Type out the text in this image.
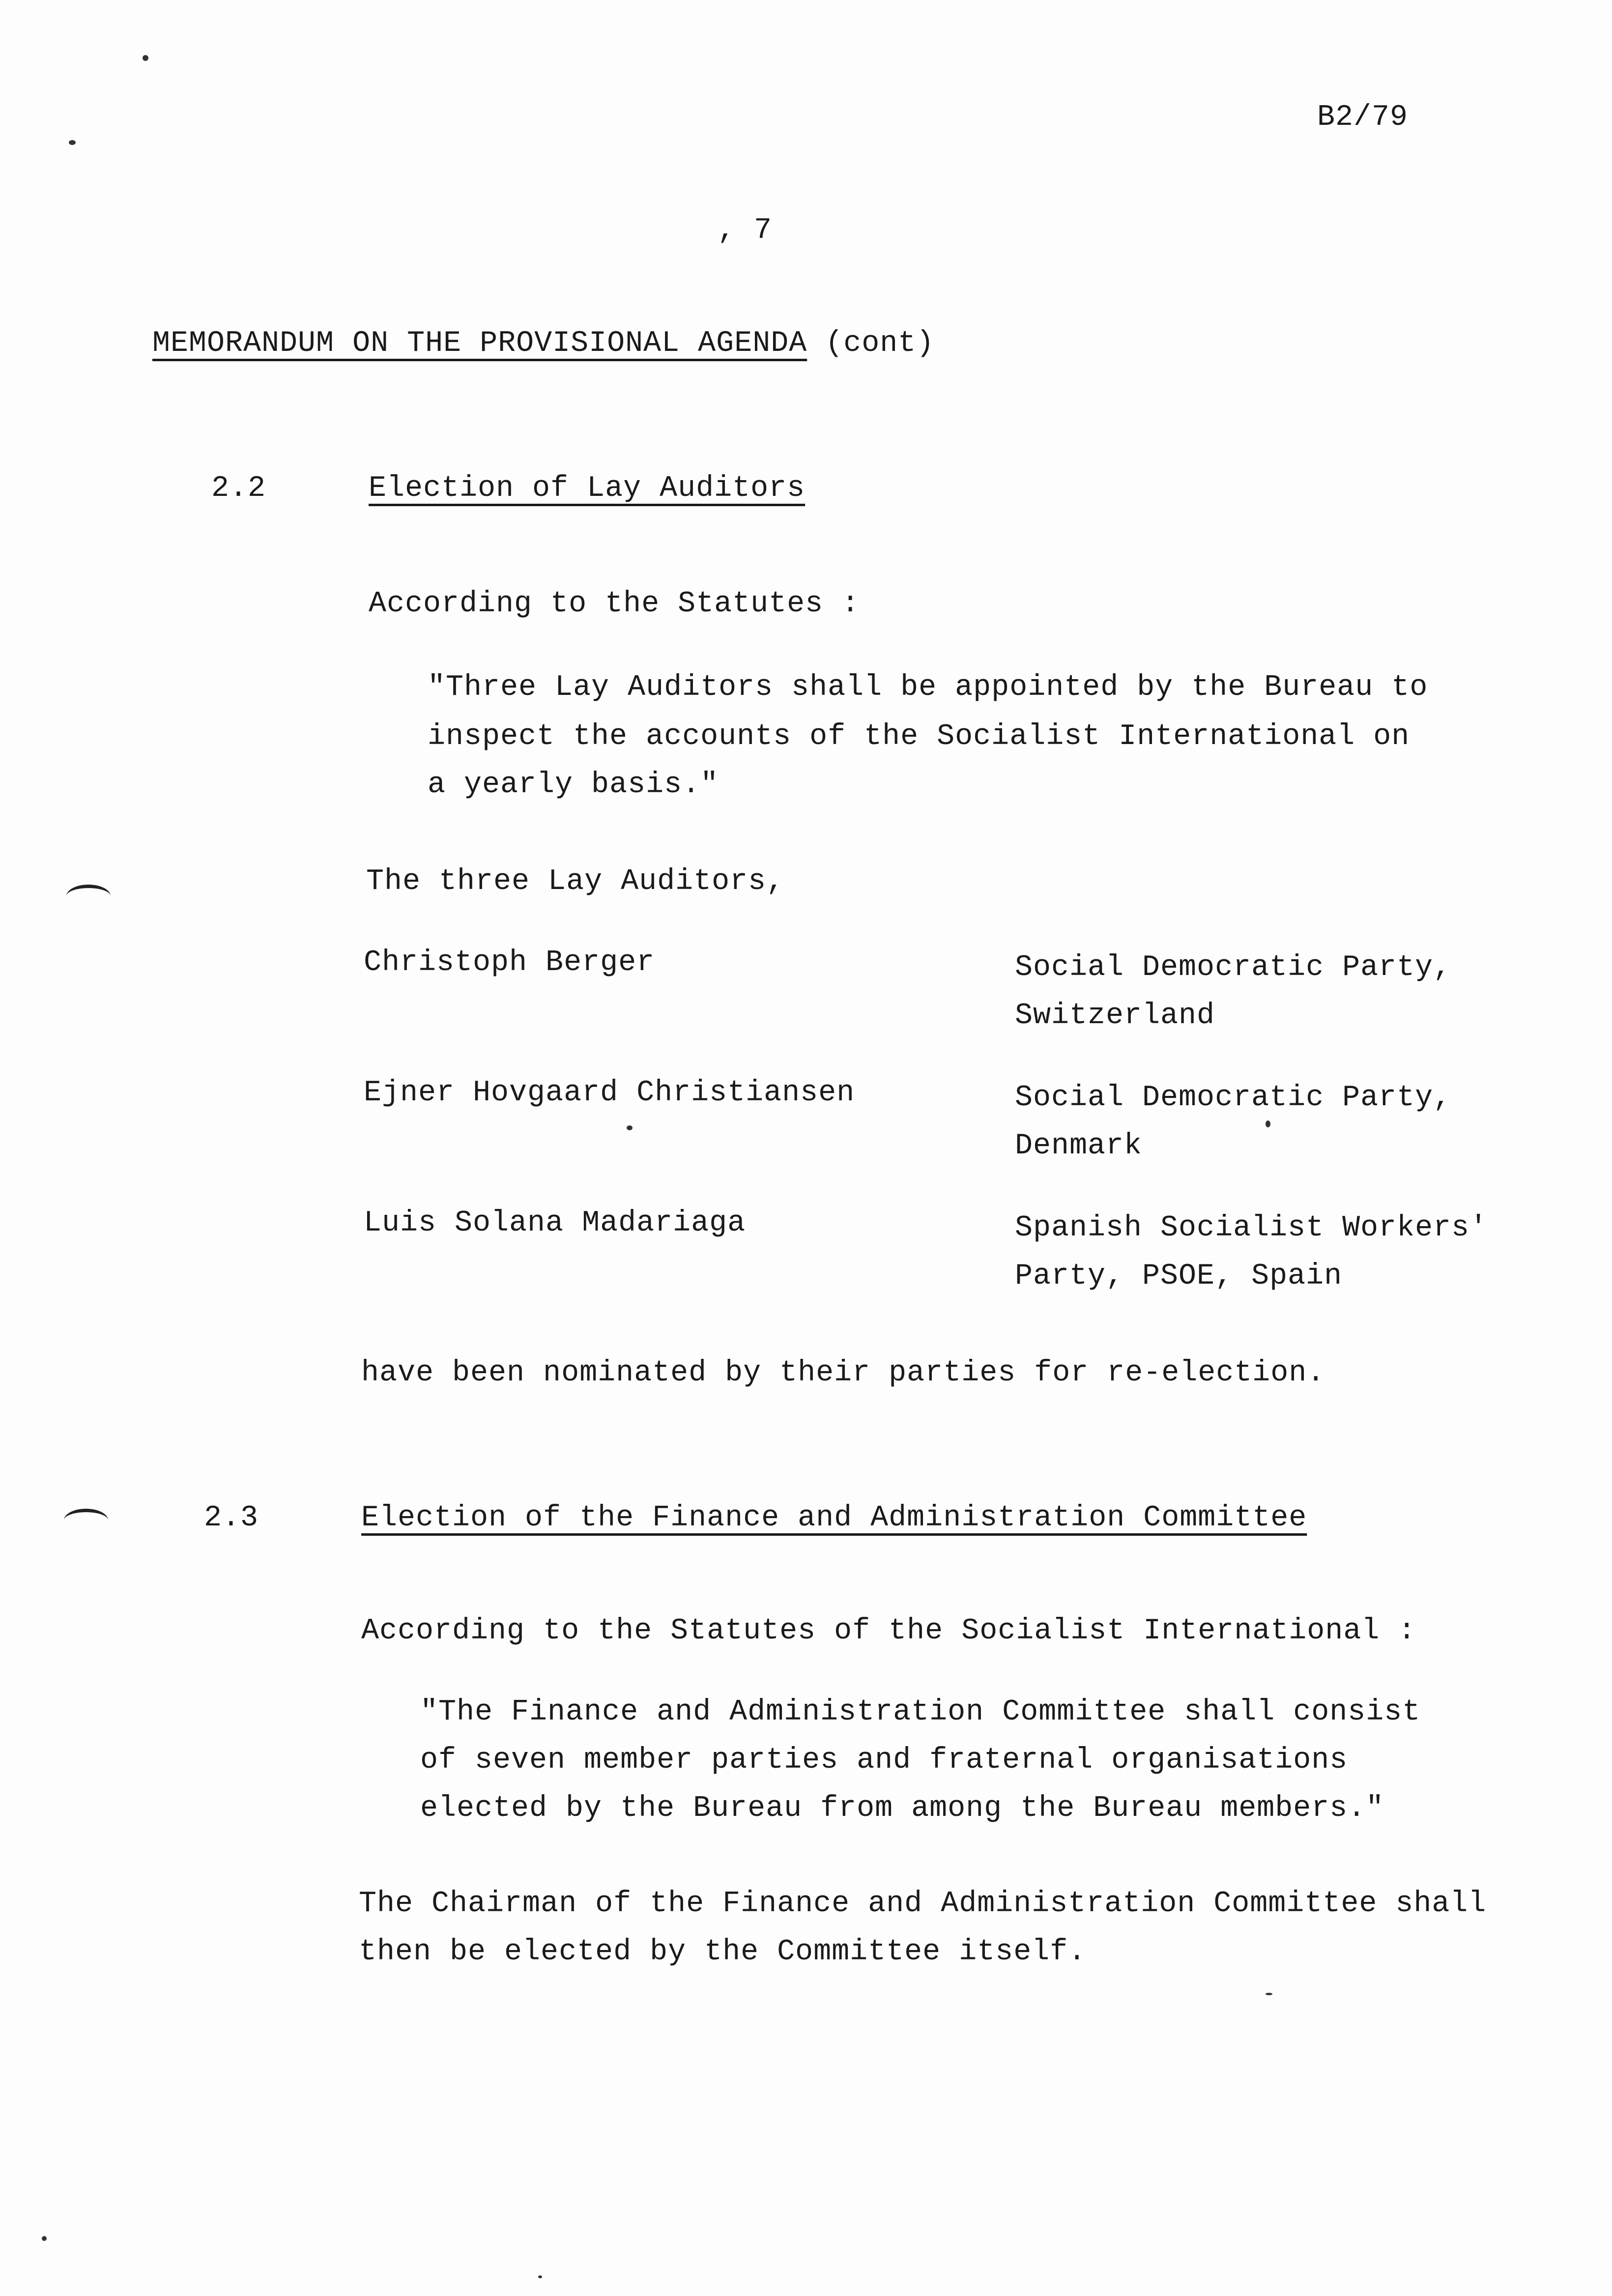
B2/79
, 7
MEMORANDUM ON THE PROVISIONAL AGENDA (cont)
2.2	Election of Lay Auditors
According to the Statutes :
"Three Lay Auditors shall be appointed by the Bureau to
inspect the accounts of the Socialist International on
a yearly basis."
The three Lay Auditors,
Christoph Berger	Social Democratic Party,
Switzerland
Ejner Hovgaard Christiansen	Social Democratic Party,
Denmark
Luis Solana Madariaga	Spanish Socialist Workers'
Party, PSOE, Spain
have been nominated by their parties for re-election.
2.3	Election of the Finance and Administration Committee
According to the Statutes of the Socialist International :
"The Finance and Administration Committee shall consist
of seven member parties and fraternal organisations
elected by the Bureau from among the Bureau members."
The Chairman of the Finance and Administration Committee shall
then be elected by the Committee itself.
